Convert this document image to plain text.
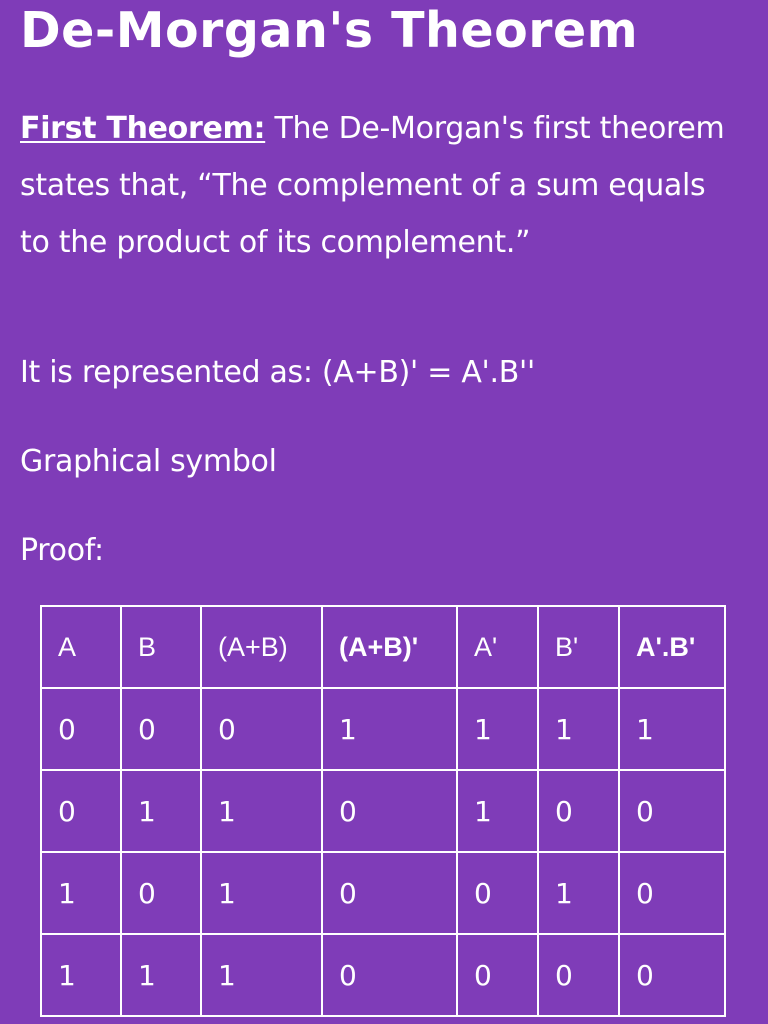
De-Morgan's Theorem
First Theorem: The De-Morgan's first theorem states that, “The complement of a sum equals to the product of its complement.”
It is represented as: (A+B)' = A'.B''
Graphical symbol
Proof:
A	B	(A+B)	(A+B)'	A'	B'	A'.B'
0	0	0	1	1	1	1
0	1	1	0	1	0	0
1	0	1	0	0	1	0
1	1	1	0	0	0	0
